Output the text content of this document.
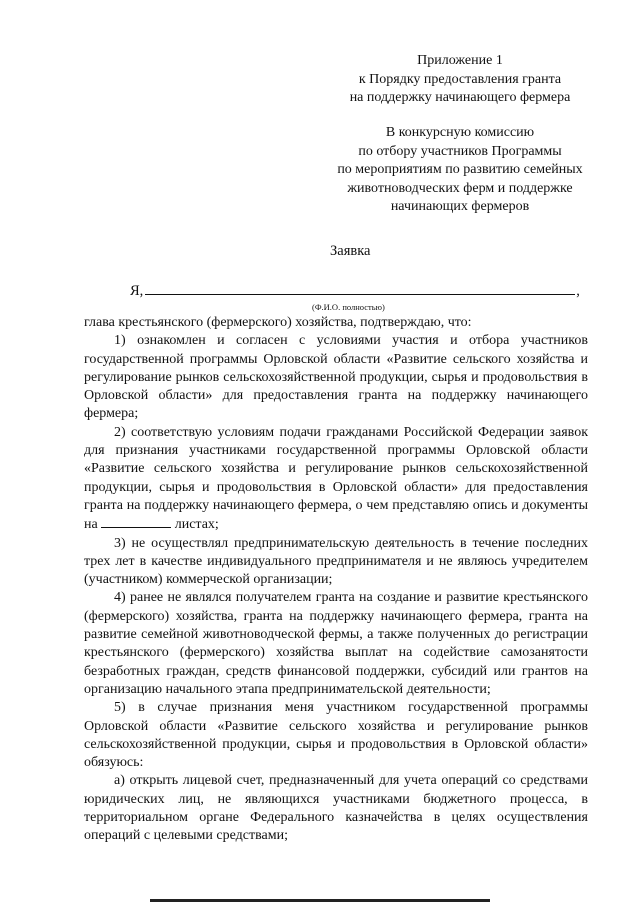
Приложение 1
к Порядку предоставления гранта
на поддержку начинающего фермера
В конкурсную комиссию
по отбору участников Программы
по мероприятиям по развитию семейных
животноводческих ферм и поддержке
начинающих фермеров
Заявка
Я,	,
(Ф.И.О. полностью)

глава крестьянского (фермерского) хозяйства, подтверждаю, что:

1) ознакомлен и согласен с условиями участия и отбора участников государственной программы Орловской области «Развитие сельского хозяйства и регулирование рынков сельскохозяйственной продукции, сырья и продовольствия в Орловской области» для предоставления гранта на поддержку начинающего фермера;

2) соответствую условиям подачи гражданами Российской Федерации заявок для признания участниками государственной программы Орловской области «Развитие сельского хозяйства и регулирование рынков сельскохозяйственной продукции, сырья и продовольствия в Орловской области» для предоставления гранта на поддержку начинающего фермера, о чем представляю опись и документы на	листах;

3) не осуществлял предпринимательскую деятельность в течение последних трех лет в качестве индивидуального предпринимателя и не являюсь учредителем (участником) коммерческой организации;

4) ранее не являлся получателем гранта на создание и развитие крестьянского (фермерского) хозяйства, гранта на поддержку начинающего фермера, гранта на развитие семейной животноводческой фермы, а также полученных до регистрации крестьянского (фермерского) хозяйства выплат на содействие самозанятости безработных граждан, средств финансовой поддержки, субсидий или грантов на организацию начального этапа предпринимательской деятельности;

5) в случае признания меня участником государственной программы Орловской области «Развитие сельского хозяйства и регулирование рынков сельскохозяйственной продукции, сырья и продовольствия в Орловской области» обязуюсь:

а) открыть лицевой счет, предназначенный для учета операций со средствами юридических лиц, не являющихся участниками бюджетного процесса, в территориальном органе Федерального казначейства в целях осуществления операций с целевыми средствами;
